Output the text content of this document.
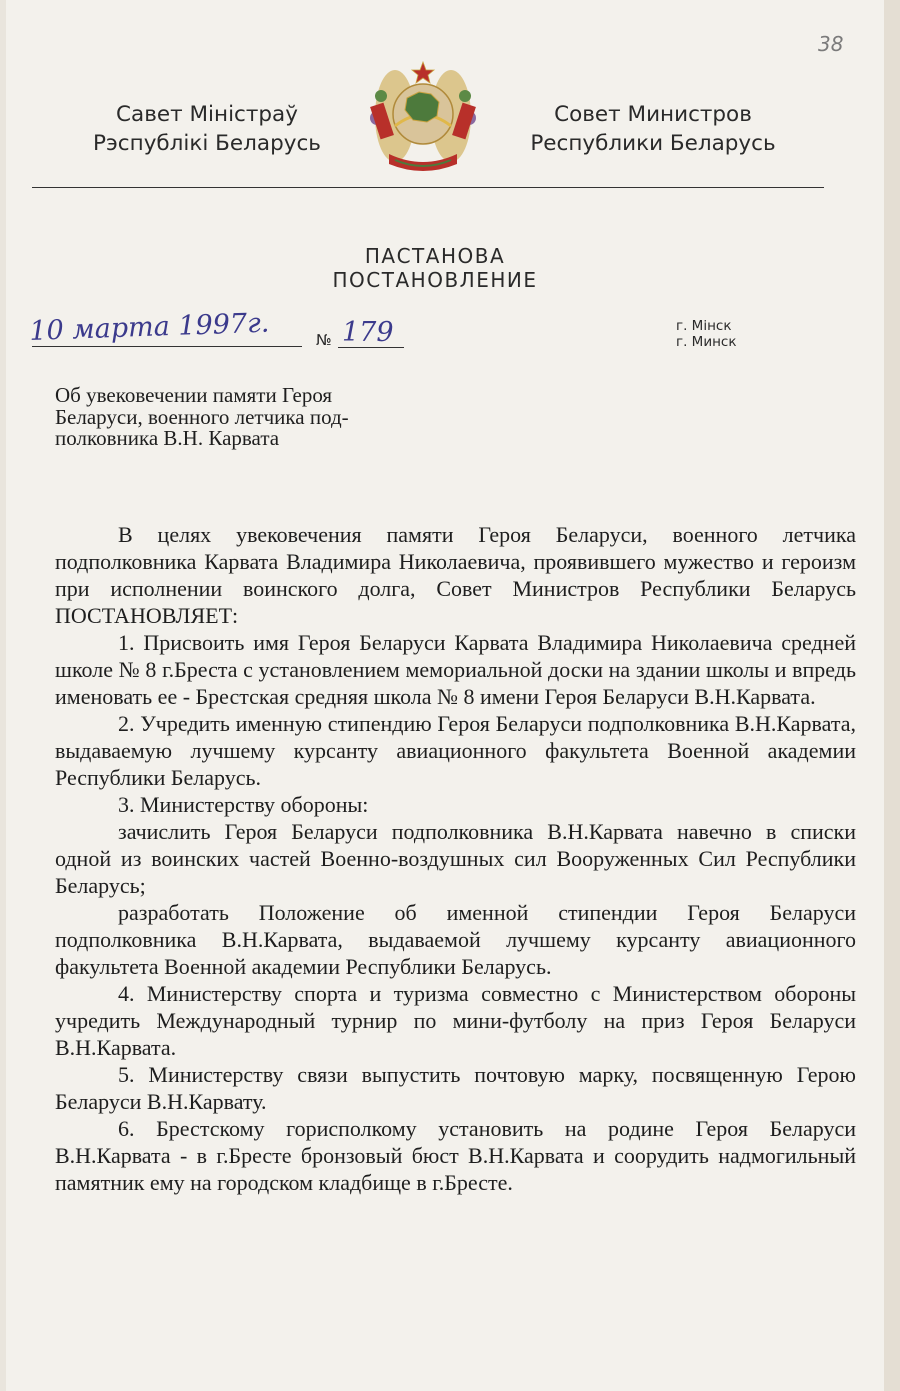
38
Савет Міністраў
Рэспублікі Беларусь
Совет Министров
Республики Беларусь
ПАСТАНОВА
ПОСТАНОВЛЕНИЕ
10 марта 1997г.	№ 179	г. Мінск
г. Минск
Об увековечении памяти Героя
Беларуси, военного летчика под-
полковника В.Н. Карвата

В целях увековечения памяти Героя Беларуси, военного летчика подполковника Карвата Владимира Николаевича, проявившего мужество и героизм при исполнении воинского долга, Совет Министров Республики Беларусь ПОСТАНОВЛЯЕТ:

1. Присвоить имя Героя Беларуси Карвата Владимира Николаевича средней школе № 8 г.Бреста с установлением мемориальной доски на здании школы и впредь именовать ее - Брестская средняя школа № 8 имени Героя Беларуси В.Н.Карвата.

2. Учредить именную стипендию Героя Беларуси подполковника В.Н.Карвата, выдаваемую лучшему курсанту авиационного факультета Военной академии Республики Беларусь.

3. Министерству обороны:

зачислить Героя Беларуси подполковника В.Н.Карвата навечно в списки одной из воинских частей Военно-воздушных сил Вооруженных Сил Республики Беларусь;

разработать Положение об именной стипендии Героя Беларуси подполковника В.Н.Карвата, выдаваемой лучшему курсанту авиационного факультета Военной академии Республики Беларусь.

4. Министерству спорта и туризма совместно с Министерством обороны учредить Международный турнир по мини-футболу на приз Героя Беларуси В.Н.Карвата.

5. Министерству связи выпустить почтовую марку, посвященную Герою Беларуси В.Н.Карвату.

6. Брестскому горисполкому установить на родине Героя Беларуси В.Н.Карвата - в г.Бресте бронзовый бюст В.Н.Карвата и соорудить надмогильный памятник ему на городском кладбище в г.Бресте.
